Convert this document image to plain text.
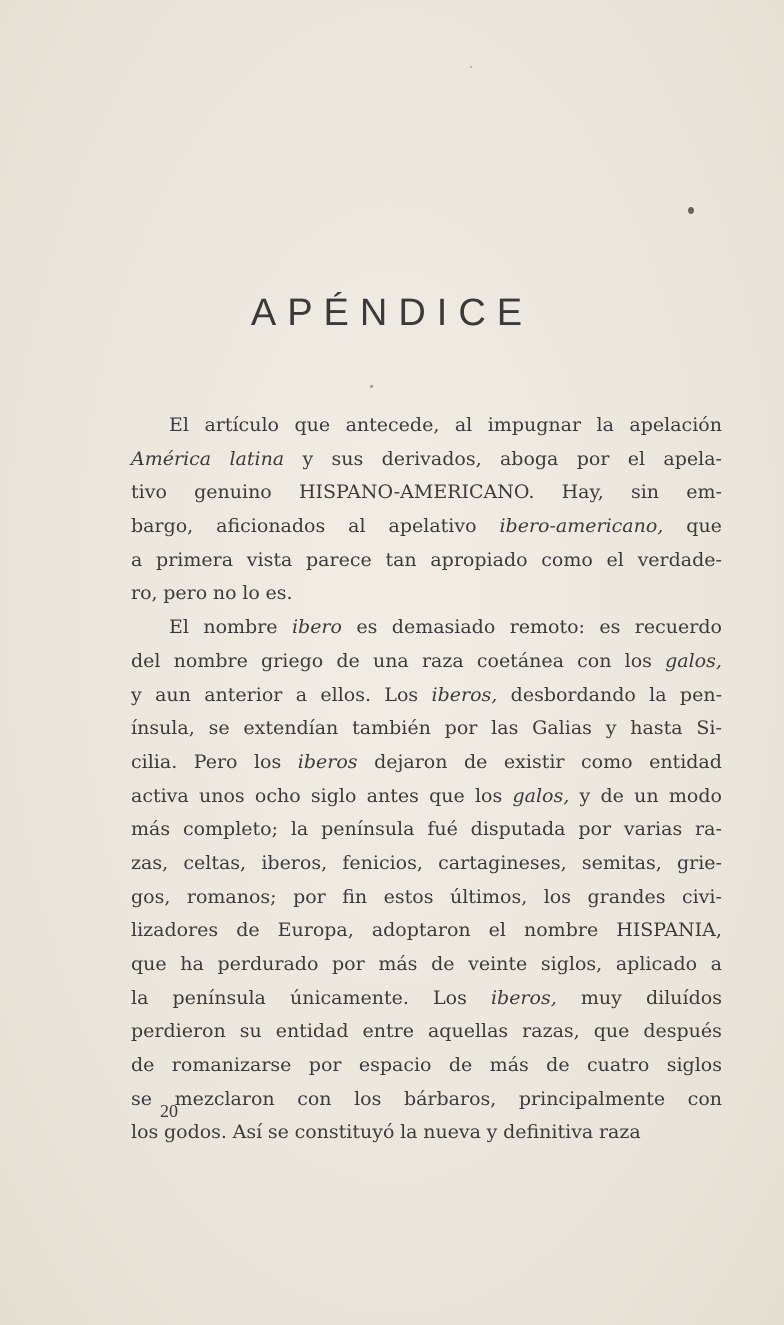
APÉNDICE
El artículo que antecede, al impugnar la apelación
América latina y sus derivados, aboga por el apela-
tivo genuino HISPANO-AMERICANO. Hay, sin em-
bargo, aficionados al apelativo ibero-americano, que
a primera vista parece tan apropiado como el verdade-
ro, pero no lo es.
El nombre ibero es demasiado remoto: es recuerdo
del nombre griego de una raza coetánea con los galos,
y aun anterior a ellos. Los iberos, desbordando la pen-
ínsula, se extendían también por las Galias y hasta Si-
cilia. Pero los iberos dejaron de existir como entidad
activa unos ocho siglo antes que los galos, y de un modo
más completo; la península fué disputada por varias ra-
zas, celtas, iberos, fenicios, cartagineses, semitas, grie-
gos, romanos; por fin estos últimos, los grandes civi-
lizadores de Europa, adoptaron el nombre HISPANIA,
que ha perdurado por más de veinte siglos, aplicado a
la península únicamente. Los iberos, muy diluídos
perdieron su entidad entre aquellas razas, que después
de romanizarse por espacio de más de cuatro siglos
se mezclaron con los bárbaros, principalmente con
los godos. Así se constituyó la nueva y definitiva raza
20
